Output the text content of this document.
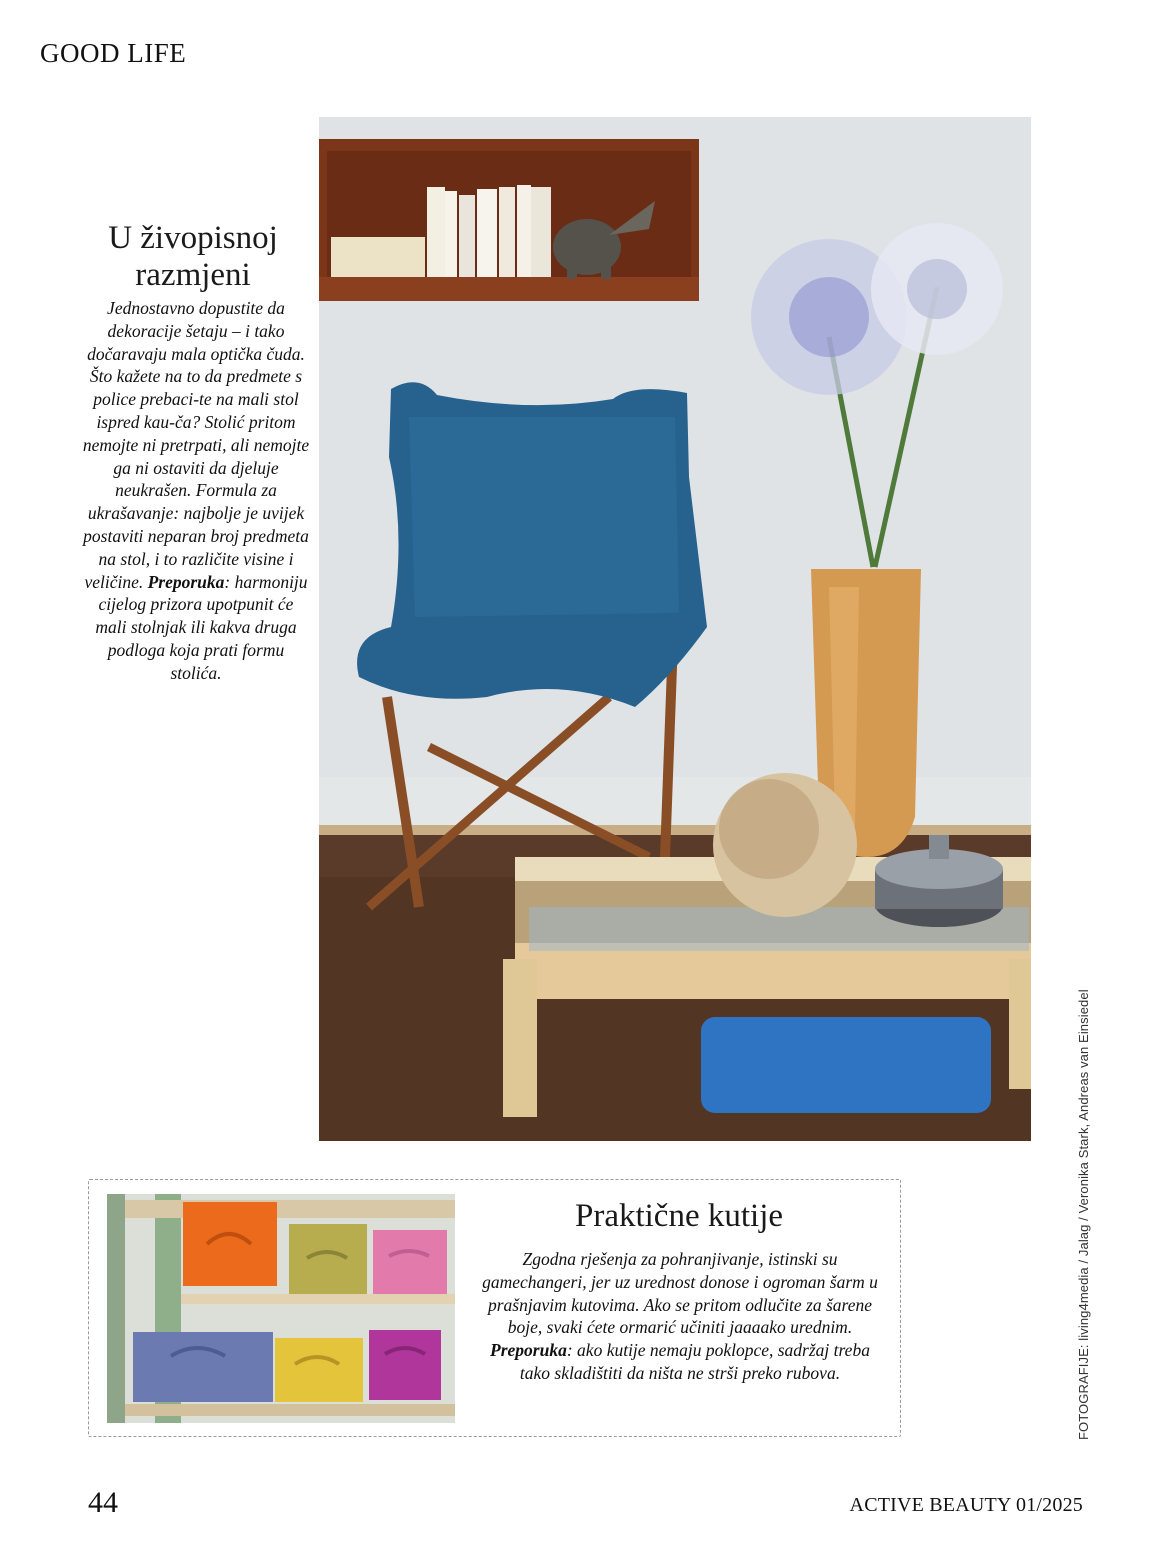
GOOD LIFE
U živopisnoj
razmjeni

Jednostavno dopustite da dekoracije šetaju – i tako dočaravaju mala optička čuda. Što kažete na to da predmete s police prebaci-te na mali stol ispred kau-ča? Stolić pritom nemojte ni pretrpati, ali nemojte ga ni ostaviti da djeluje neukrašen. Formula za ukrašavanje: najbolje je uvijek postaviti neparan broj predmeta na stol, i to različite visine i veličine. Preporuka: harmoniju cijelog prizora upotpunit će mali stolnjak ili kakva druga podloga koja prati formu stolića.

FOTOGRAFIJE: living4media / Jalag / Veronika Stark, Andreas van Einsiedel
Praktične kutije

Zgodna rješenja za pohranjivanje, istinski su gamechangeri, jer uz urednost donose i ogroman šarm u prašnjavim kutovima. Ako se pritom odlučite za šarene boje, svaki ćete ormarić učiniti jaaaako urednim. Preporuka: ako kutije nemaju poklopce, sadržaj treba tako skladištiti da ništa ne strši preko rubova.

44	ACTIVE BEAUTY 01/2025
